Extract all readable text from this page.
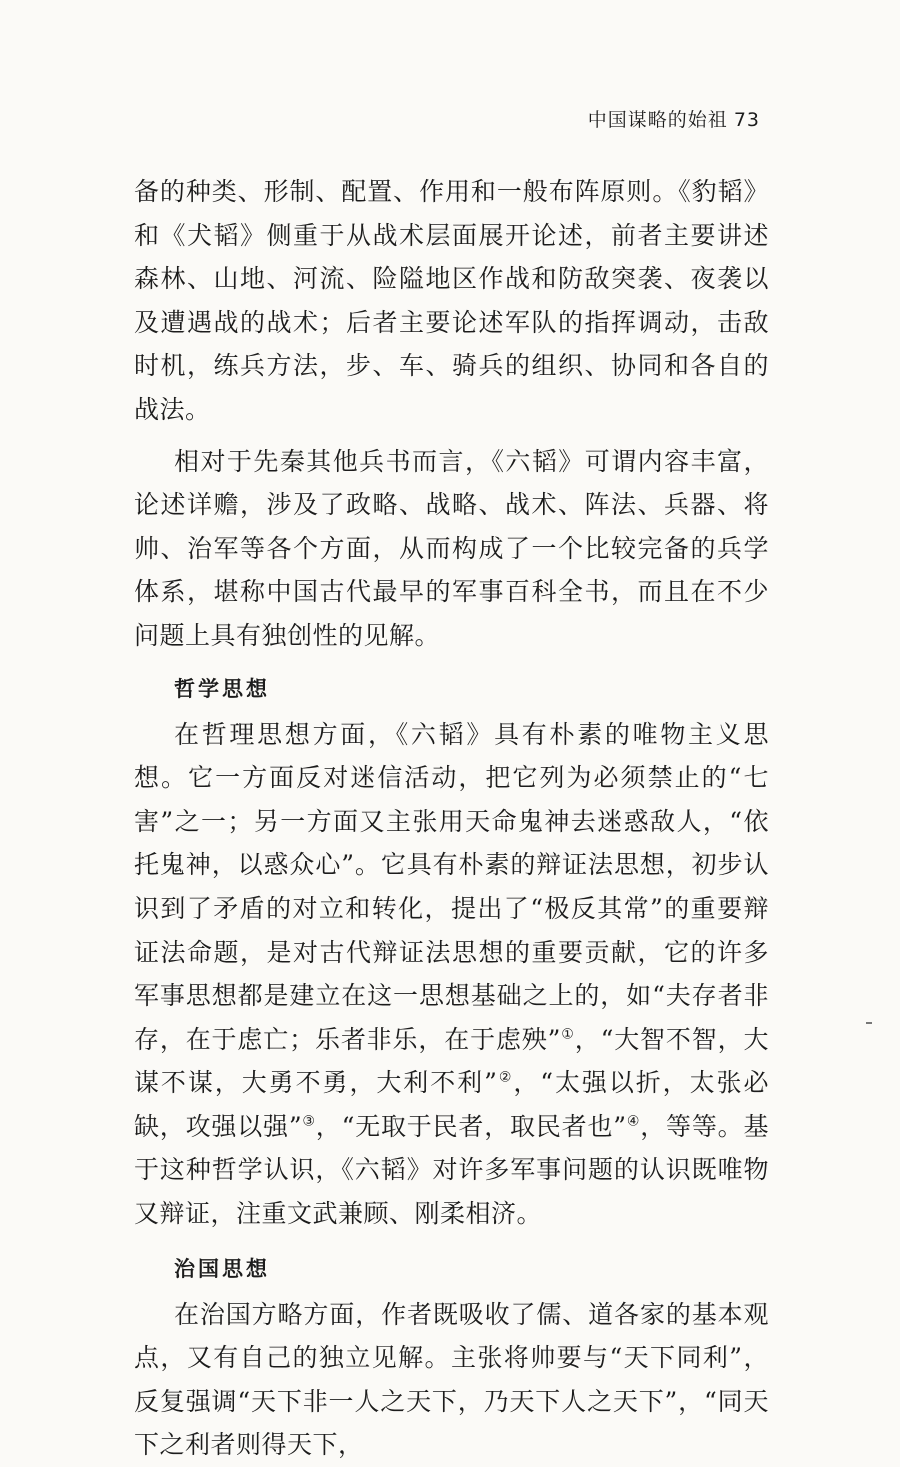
中国谋略的始祖 73

备的种类、形制、配置、作用和一般布阵原则。《豹韬》和《犬韬》侧重于从战术层面展开论述，前者主要讲述森林、山地、河流、险隘地区作战和防敌突袭、夜袭以及遭遇战的战术；后者主要论述军队的指挥调动，击敌时机，练兵方法，步、车、骑兵的组织、协同和各自的战法。

相对于先秦其他兵书而言，《六韬》可谓内容丰富，论述详赡，涉及了政略、战略、战术、阵法、兵器、将帅、治军等各个方面，从而构成了一个比较完备的兵学体系，堪称中国古代最早的军事百科全书，而且在不少问题上具有独创性的见解。

哲学思想

在哲理思想方面，《六韬》具有朴素的唯物主义思想。它一方面反对迷信活动，把它列为必须禁止的“七害”之一；另一方面又主张用天命鬼神去迷惑敌人，“依托鬼神，以惑众心”。它具有朴素的辩证法思想，初步认识到了矛盾的对立和转化，提出了“极反其常”的重要辩证法命题，是对古代辩证法思想的重要贡献，它的许多军事思想都是建立在这一思想基础之上的，如“夫存者非存，在于虑亡；乐者非乐，在于虑殃”①，“大智不智，大谋不谋，大勇不勇，大利不利”②，“太强以折，太张必缺，攻强以强”③，“无取于民者，取民者也”④，等等。基于这种哲学认识，《六韬》对许多军事问题的认识既唯物又辩证，注重文武兼顾、刚柔相济。

治国思想

在治国方略方面，作者既吸收了儒、道各家的基本观点，又有自己的独立见解。主张将帅要与“天下同利”，反复强调“天下非一人之天下，乃天下人之天下”，“同天下之利者则得天下，
